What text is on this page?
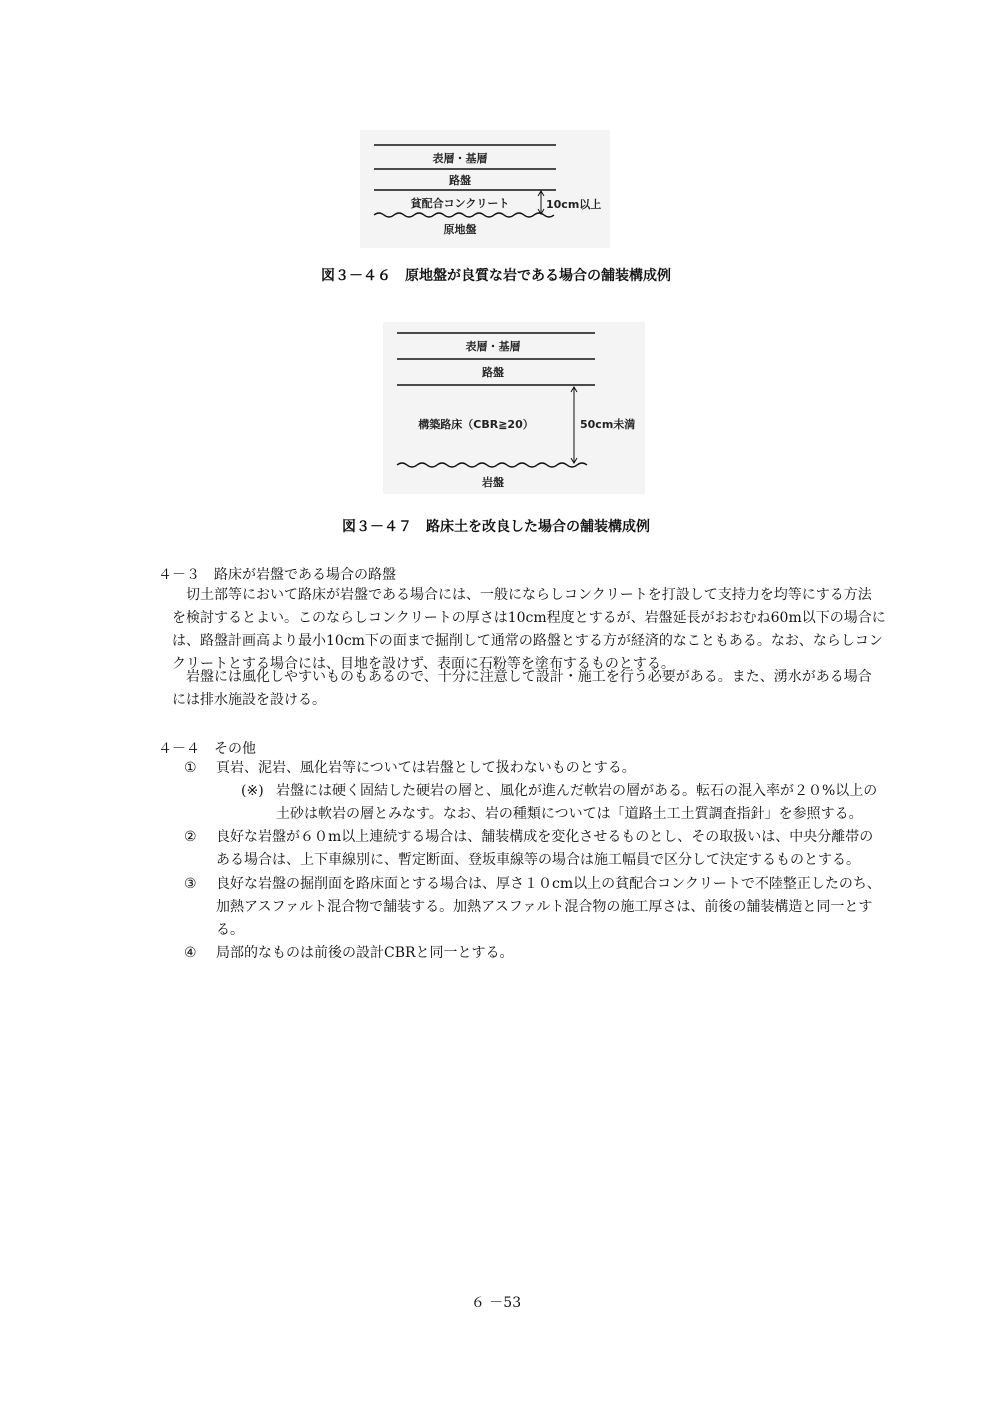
表層・基層
路盤
貧配合コンクリート
原地盤
10cm以上
図３－４６　原地盤が良質な岩である場合の舗装構成例
表層・基層
路盤
構築路床（CBR≧20）
岩盤
50cm未満
図３－４７　路床土を改良した場合の舗装構成例
４－３　路床が岩盤である場合の路盤
切土部等において路床が岩盤である場合には、一般にならしコンクリートを打設して支持力を均等にする方法
を検討するとよい。このならしコンクリートの厚さは10cm程度とするが、岩盤延長がおおむね60m以下の場合に
は、路盤計画高より最小10cm下の面まで掘削して通常の路盤とする方が経済的なこともある。なお、ならしコン
クリートとする場合には、目地を設けず、表面に石粉等を塗布するものとする。
岩盤には風化しやすいものもあるので、十分に注意して設計・施工を行う必要がある。また、湧水がある場合
には排水施設を設ける。
４－４　その他
① 頁岩、泥岩、風化岩等については岩盤として扱わないものとする。
(※) 岩盤には硬く固結した硬岩の層と、風化が進んだ軟岩の層がある。転石の混入率が２０%以上の
土砂は軟岩の層とみなす。なお、岩の種類については「道路土工土質調査指針」を参照する。
② 良好な岩盤が６０m以上連続する場合は、舗装構成を変化させるものとし、その取扱いは、中央分離帯の
ある場合は、上下車線別に、暫定断面、登坂車線等の場合は施工幅員で区分して決定するものとする。
③ 良好な岩盤の掘削面を路床面とする場合は、厚さ１０cm以上の貧配合コンクリートで不陸整正したのち、
加熱アスファルト混合物で舗装する。加熱アスファルト混合物の施工厚さは、前後の舗装構造と同一とす
る。
④ 局部的なものは前後の設計CBRと同一とする。
６ －53
